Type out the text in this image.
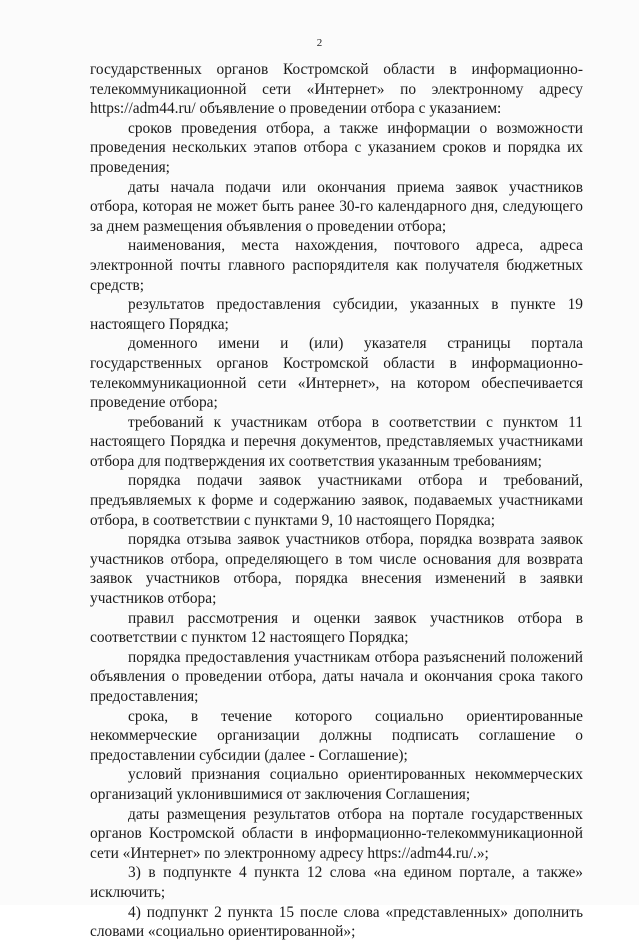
2

государственных органов Костромской области в информационно-телекоммуникационной сети «Интернет» по электронному адресу https://adm44.ru/ объявление о проведении отбора с указанием:

сроков проведения отбора, а также информации о возможности проведения нескольких этапов отбора с указанием сроков и порядка их проведения;

даты начала подачи или окончания приема заявок участников отбора, которая не может быть ранее 30-го календарного дня, следующего за днем размещения объявления о проведении отбора;

наименования, места нахождения, почтового адреса, адреса электронной почты главного распорядителя как получателя бюджетных средств;

результатов предоставления субсидии, указанных в пункте 19 настоящего Порядка;

доменного имени и (или) указателя страницы портала государственных органов Костромской области в информационно-телекоммуникационной сети «Интернет», на котором обеспечивается проведение отбора;

требований к участникам отбора в соответствии с пунктом 11 настоящего Порядка и перечня документов, представляемых участниками отбора для подтверждения их соответствия указанным требованиям;

порядка подачи заявок участниками отбора и требований, предъявляемых к форме и содержанию заявок, подаваемых участниками отбора, в соответствии с пунктами 9, 10 настоящего Порядка;

порядка отзыва заявок участников отбора, порядка возврата заявок участников отбора, определяющего в том числе основания для возврата заявок участников отбора, порядка внесения изменений в заявки участников отбора;

правил рассмотрения и оценки заявок участников отбора в соответствии с пунктом 12 настоящего Порядка;

порядка предоставления участникам отбора разъяснений положений объявления о проведении отбора, даты начала и окончания срока такого предоставления;

срока, в течение которого социально ориентированные некоммерческие организации должны подписать соглашение о предоставлении субсидии (далее - Соглашение);

условий признания социально ориентированных некоммерческих организаций уклонившимися от заключения Соглашения;

даты размещения результатов отбора на портале государственных органов Костромской области в информационно-телекоммуникационной сети «Интернет» по электронному адресу https://adm44.ru/.»;

3) в подпункте 4 пункта 12 слова «на едином портале, а также» исключить;

4) подпункт 2 пункта 15 после слова «представленных» дополнить словами «социально ориентированной»;
